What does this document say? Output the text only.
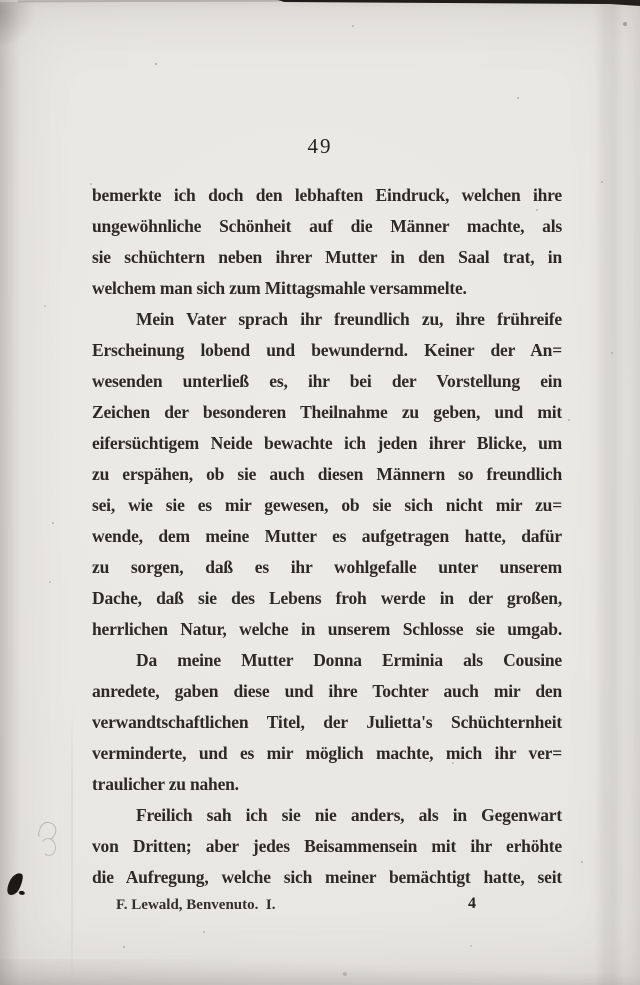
49
bemerkte ich doch den lebhaften Eindruck, welchen ihre
ungewöhnliche Schönheit auf die Männer machte, als
sie schüchtern neben ihrer Mutter in den Saal trat, in
welchem man sich zum Mittagsmahle versammelte.
Mein Vater sprach ihr freundlich zu, ihre frühreife
Erscheinung lobend und bewundernd. Keiner der An=
wesenden unterließ es, ihr bei der Vorstellung ein
Zeichen der besonderen Theilnahme zu geben, und mit
eifersüchtigem Neide bewachte ich jeden ihrer Blicke, um
zu erspähen, ob sie auch diesen Männern so freundlich
sei, wie sie es mir gewesen, ob sie sich nicht mir zu=
wende, dem meine Mutter es aufgetragen hatte, dafür
zu sorgen, daß es ihr wohlgefalle unter unserem
Dache, daß sie des Lebens froh werde in der großen,
herrlichen Natur, welche in unserem Schlosse sie umgab.
Da meine Mutter Donna Erminia als Cousine
anredete, gaben diese und ihre Tochter auch mir den
verwandtschaftlichen Titel, der Julietta's Schüchternheit
verminderte, und es mir möglich machte, mich ihr ver=
traulicher zu nahen.
Freilich sah ich sie nie anders, als in Gegenwart
von Dritten; aber jedes Beisammensein mit ihr erhöhte
die Aufregung, welche sich meiner bemächtigt hatte, seit
F. Lewald, Benvenuto.  I.	4
